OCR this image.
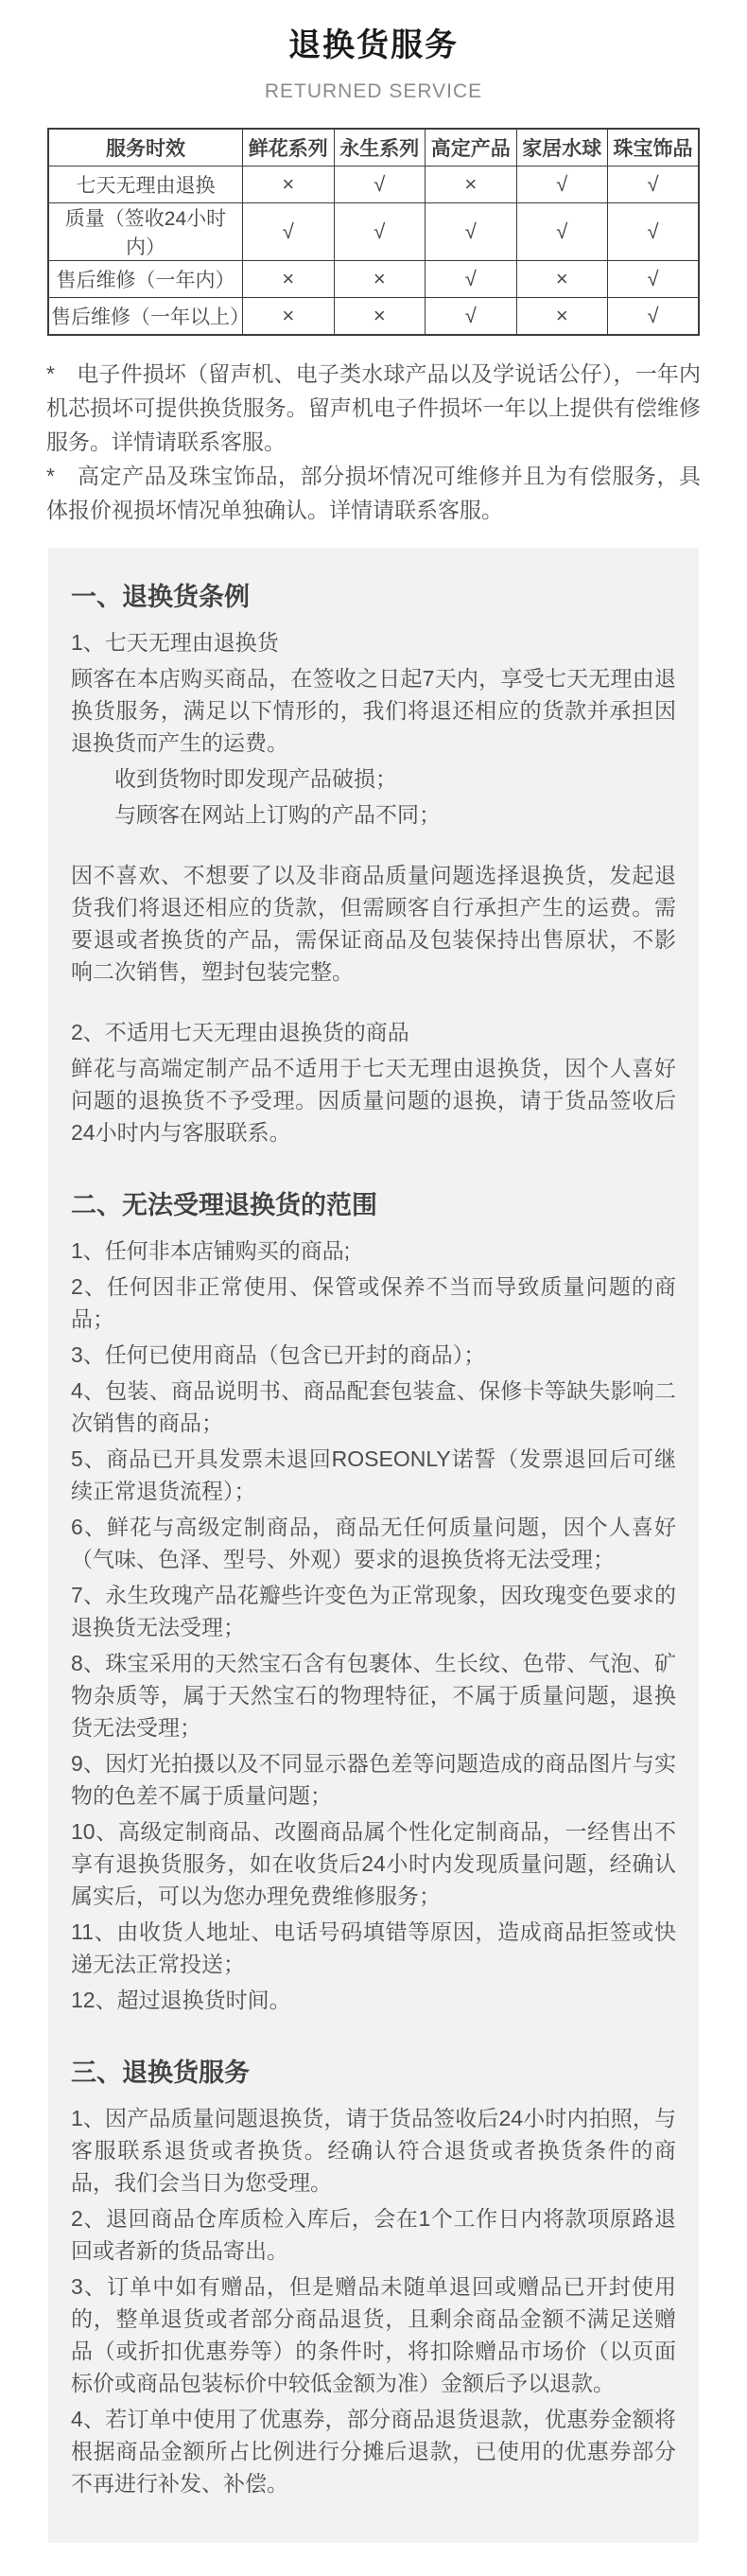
退换货服务
RETURNED SERVICE
服务时效	鲜花系列	永生系列	高定产品	家居水球	珠宝饰品
七天无理由退换	×	√	×	√	√
质量（签收24小时内）	√	√	√	√	√
售后维修（一年内）	×	×	√	×	√
售后维修（一年以上）	×	×	√	×	√

*　电子件损坏（留声机、电子类水球产品以及学说话公仔），一年内机芯损坏可提供换货服务。留声机电子件损坏一年以上提供有偿维修服务。详情请联系客服。

*　高定产品及珠宝饰品，部分损坏情况可维修并且为有偿服务，具体报价视损坏情况单独确认。详情请联系客服。

一、退换货条例

1、七天无理由退换货

顾客在本店购买商品，在签收之日起7天内，享受七天无理由退换货服务，满足以下情形的，我们将退还相应的货款并承担因退换货而产生的运费。

收到货物时即发现产品破损；

与顾客在网站上订购的产品不同；

因不喜欢、不想要了以及非商品质量问题选择退换货，发起退货我们将退还相应的货款，但需顾客自行承担产生的运费。需要退或者换货的产品，需保证商品及包装保持出售原状，不影响二次销售，塑封包装完整。

2、不适用七天无理由退换货的商品

鲜花与高端定制产品不适用于七天无理由退换货，因个人喜好问题的退换货不予受理。因质量问题的退换，请于货品签收后24小时内与客服联系。

二、无法受理退换货的范围

1、任何非本店铺购买的商品;

2、任何因非正常使用、保管或保养不当而导致质量问题的商品；

3、任何已使用商品（包含已开封的商品）；

4、包装、商品说明书、商品配套包装盒、保修卡等缺失影响二次销售的商品；

5、商品已开具发票未退回ROSEONLY诺誓（发票退回后可继续正常退货流程）；

6、鲜花与高级定制商品，商品无任何质量问题，因个人喜好（气味、色泽、型号、外观）要求的退换货将无法受理；

7、永生玫瑰产品花瓣些许变色为正常现象，因玫瑰变色要求的退换货无法受理；

8、珠宝采用的天然宝石含有包裹体、生长纹、色带、气泡、矿物杂质等，属于天然宝石的物理特征，不属于质量问题，退换货无法受理；

9、因灯光拍摄以及不同显示器色差等问题造成的商品图片与实物的色差不属于质量问题；

10、高级定制商品、改圈商品属个性化定制商品，一经售出不享有退换货服务，如在收货后24小时内发现质量问题，经确认属实后，可以为您办理免费维修服务；

11、由收货人地址、电话号码填错等原因，造成商品拒签或快递无法正常投送；

12、超过退换货时间。

三、退换货服务

1、因产品质量问题退换货，请于货品签收后24小时内拍照，与客服联系退货或者换货。经确认符合退货或者换货条件的商品，我们会当日为您受理。

2、退回商品仓库质检入库后，会在1个工作日内将款项原路退回或者新的货品寄出。

3、订单中如有赠品，但是赠品未随单退回或赠品已开封使用的，整单退货或者部分商品退货，且剩余商品金额不满足送赠品（或折扣优惠券等）的条件时，将扣除赠品市场价（以页面标价或商品包装标价中较低金额为准）金额后予以退款。

4、若订单中使用了优惠券，部分商品退货退款，优惠券金额将根据商品金额所占比例进行分摊后退款，已使用的优惠券部分不再进行补发、补偿。
